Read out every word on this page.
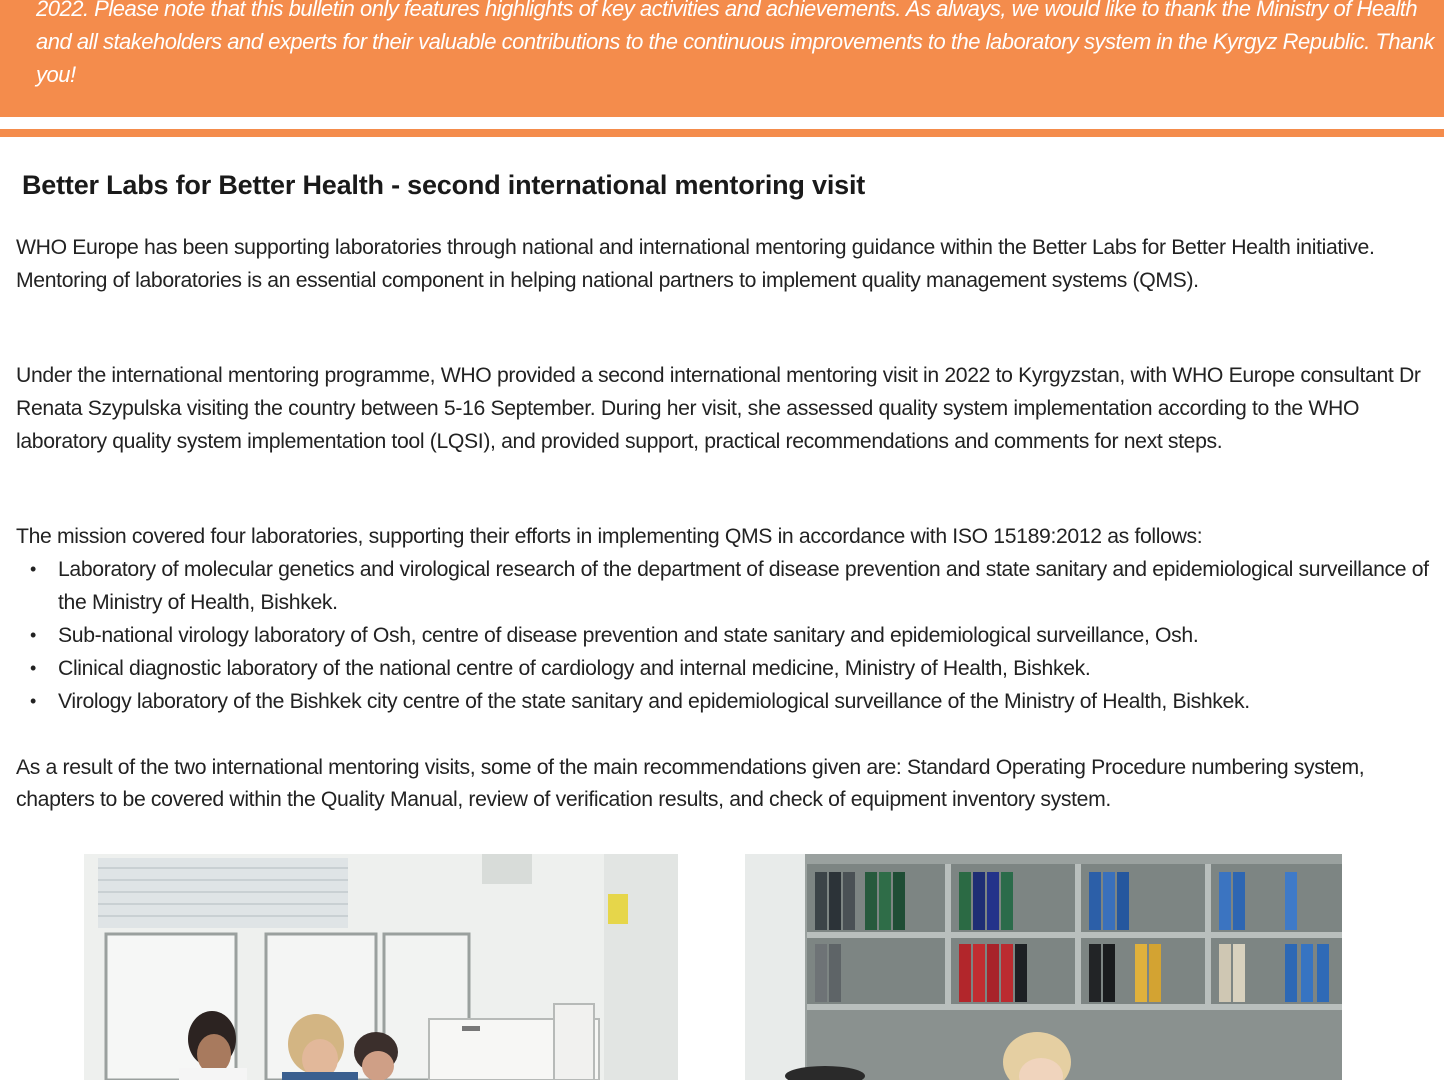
2022. Please note that this bulletin only features highlights of key activities and achievements. As always, we would like to thank the Ministry of Health and all stakeholders and experts for their valuable contributions to the continuous improvements to the laboratory system in the Kyrgyz Republic. Thank you!

Better Labs for Better Health - second international mentoring visit

WHO Europe has been supporting laboratories through national and international mentoring guidance within the Better Labs for Better Health initiative. Mentoring of laboratories is an essential component in helping national partners to implement quality management systems (QMS).

Under the international mentoring programme, WHO provided a second international mentoring visit in 2022 to Kyrgyzstan, with WHO Europe consultant Dr Renata Szypulska visiting the country between 5-16 September. During her visit, she assessed quality system implementation according to the WHO laboratory quality system implementation tool (LQSI), and provided support, practical recommendations and comments for next steps.

The mission covered four laboratories, supporting their efforts in implementing QMS in accordance with ISO 15189:2012 as follows:

• Laboratory of molecular genetics and virological research of the department of disease prevention and state sanitary and epidemiological surveillance of the Ministry of Health, Bishkek.
• Sub-national virology laboratory of Osh, centre of disease prevention and state sanitary and epidemiological surveillance, Osh.
• Clinical diagnostic laboratory of the national centre of cardiology and internal medicine, Ministry of Health, Bishkek.
• Virology laboratory of the Bishkek city centre of the state sanitary and epidemiological surveillance of the Ministry of Health, Bishkek.

As a result of the two international mentoring visits, some of the main recommendations given are: Standard Operating Procedure numbering system, chapters to be covered within the Quality Manual, review of verification results, and check of equipment inventory system.
